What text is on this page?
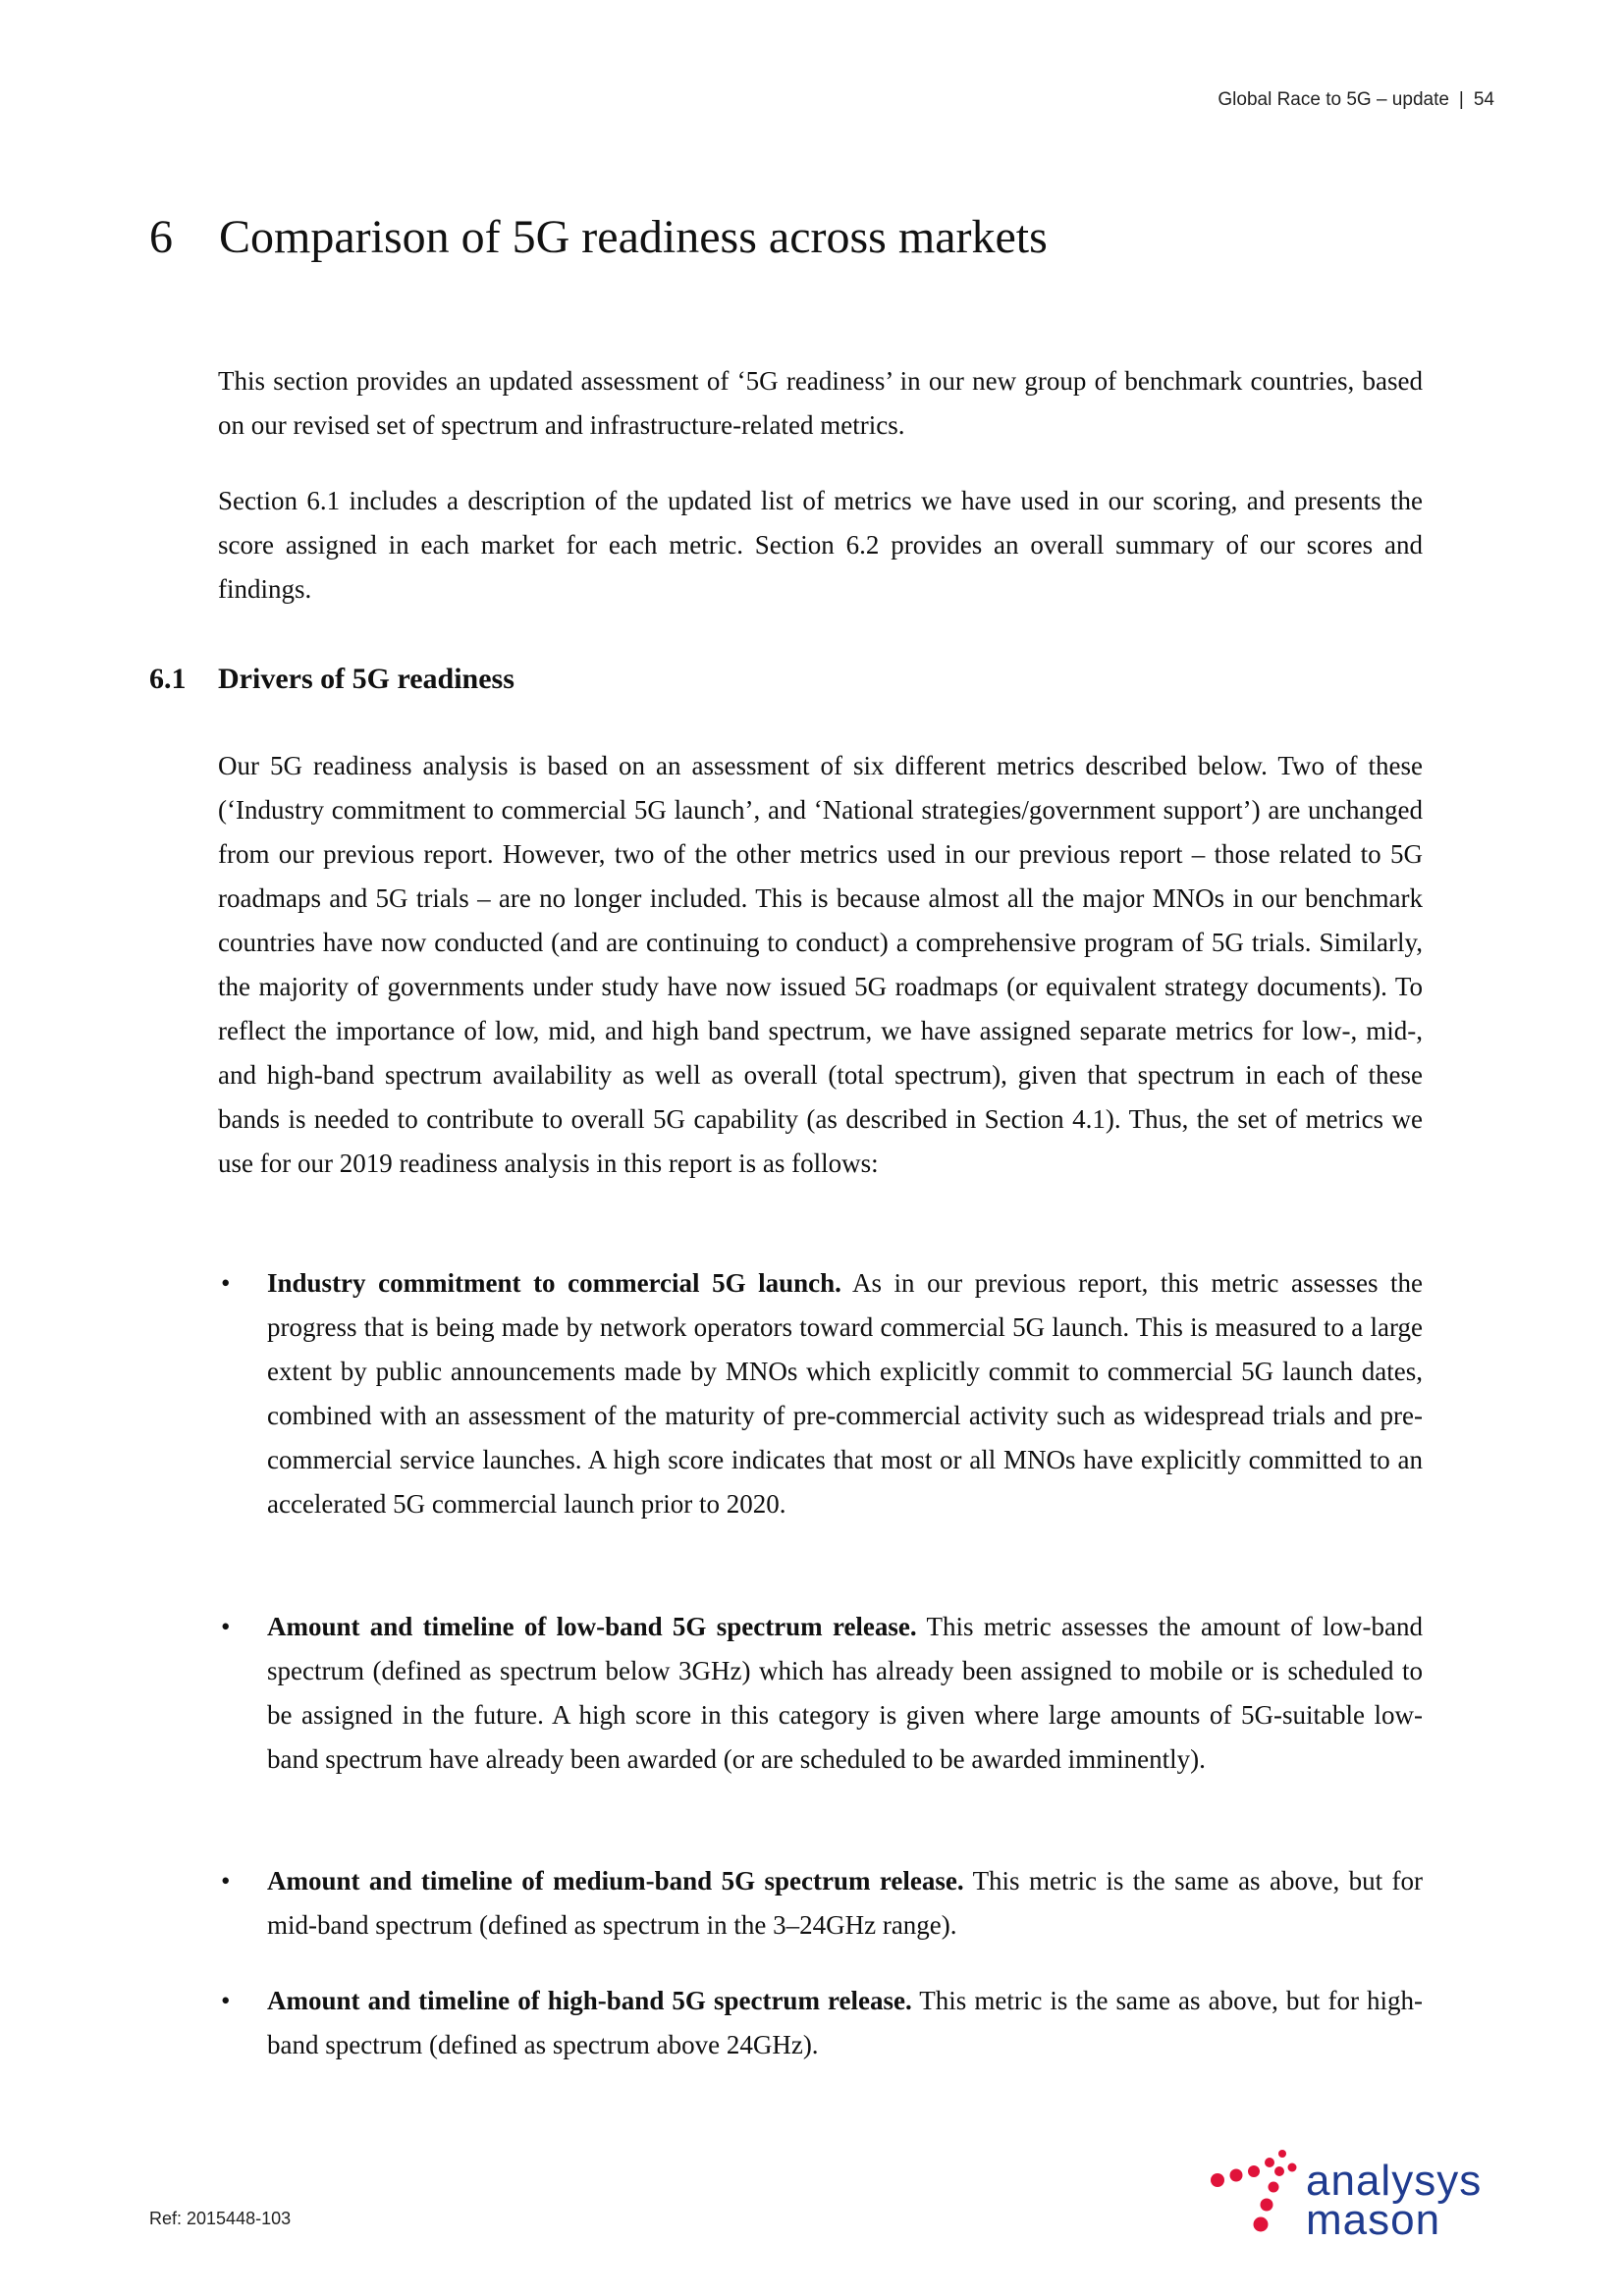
Global Race to 5G – update | 54
6 Comparison of 5G readiness across markets

This section provides an updated assessment of ‘5G readiness’ in our new group of benchmark countries, based on our revised set of spectrum and infrastructure-related metrics.

Section 6.1 includes a description of the updated list of metrics we have used in our scoring, and presents the score assigned in each market for each metric. Section 6.2 provides an overall summary of our scores and findings.

6.1 Drivers of 5G readiness

Our 5G readiness analysis is based on an assessment of six different metrics described below. Two of these (‘Industry commitment to commercial 5G launch’, and ‘National strategies/government support’) are unchanged from our previous report. However, two of the other metrics used in our previous report – those related to 5G roadmaps and 5G trials – are no longer included. This is because almost all the major MNOs in our benchmark countries have now conducted (and are continuing to conduct) a comprehensive program of 5G trials. Similarly, the majority of governments under study have now issued 5G roadmaps (or equivalent strategy documents). To reflect the importance of low, mid, and high band spectrum, we have assigned separate metrics for low-, mid-, and high-band spectrum availability as well as overall (total spectrum), given that spectrum in each of these bands is needed to contribute to overall 5G capability (as described in Section 4.1). Thus, the set of metrics we use for our 2019 readiness analysis in this report is as follows:

• Industry commitment to commercial 5G launch. As in our previous report, this metric assesses the progress that is being made by network operators toward commercial 5G launch. This is measured to a large extent by public announcements made by MNOs which explicitly commit to commercial 5G launch dates, combined with an assessment of the maturity of pre-commercial activity such as widespread trials and pre-commercial service launches. A high score indicates that most or all MNOs have explicitly committed to an accelerated 5G commercial launch prior to 2020.
• Amount and timeline of low-band 5G spectrum release. This metric assesses the amount of low-band spectrum (defined as spectrum below 3GHz) which has already been assigned to mobile or is scheduled to be assigned in the future. A high score in this category is given where large amounts of 5G-suitable low-band spectrum have already been awarded (or are scheduled to be awarded imminently).
• Amount and timeline of medium-band 5G spectrum release. This metric is the same as above, but for mid-band spectrum (defined as spectrum in the 3–24GHz range).
• Amount and timeline of high-band 5G spectrum release. This metric is the same as above, but for high-band spectrum (defined as spectrum above 24GHz).
Ref: 2015448-103
analysys
mason
